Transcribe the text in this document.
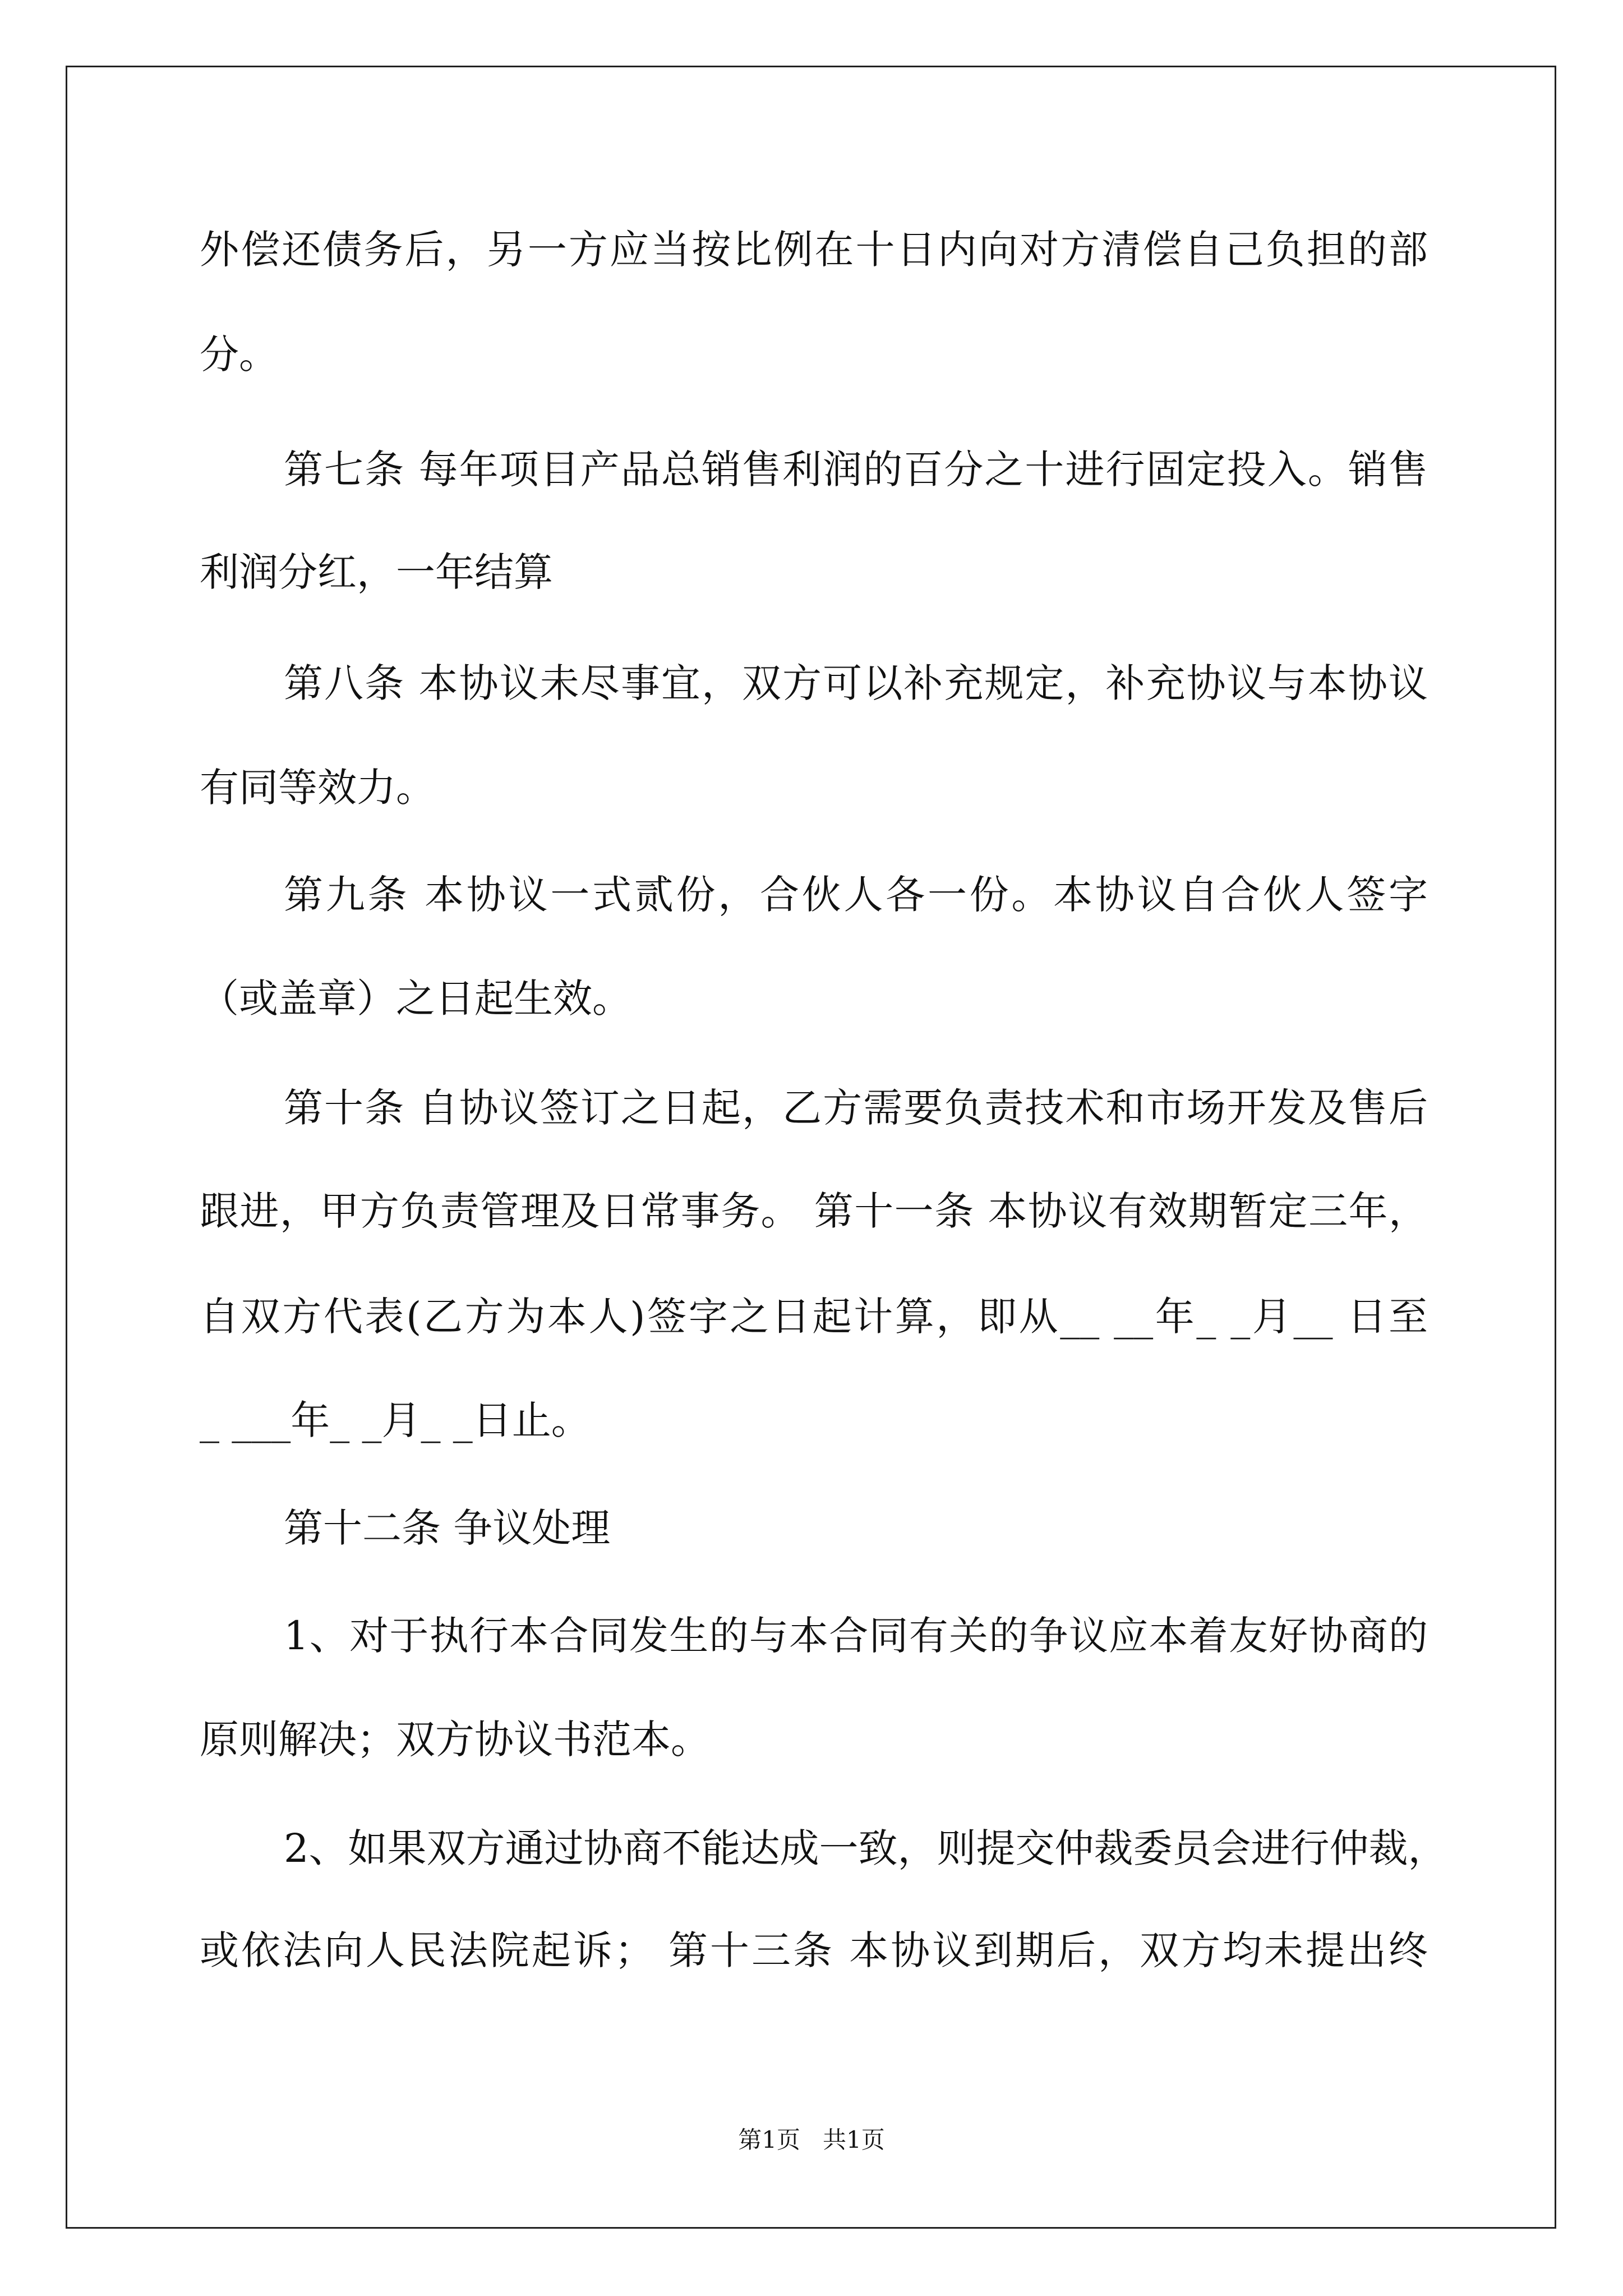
外偿还债务后，另一方应当按比例在十日内向对方清偿自己负担的部

分。

第七条 每年项目产品总销售利润的百分之十进行固定投入。销售

利润分红，一年结算

第八条 本协议未尽事宜，双方可以补充规定，补充协议与本协议

有同等效力。

第九条 本协议一式贰份，合伙人各一份。本协议自合伙人签字

（或盖章）之日起生效。

第十条 自协议签订之日起，乙方需要负责技术和市场开发及售后

跟进，甲方负责管理及日常事务。 第十一条 本协议有效期暂定三年，

自双方代表(乙方为本人)签字之日起计算，即从__ __年_ _月__ 日至

_ ___年_ _月_ _日止。

第十二条 争议处理

1、对于执行本合同发生的与本合同有关的争议应本着友好协商的

原则解决；双方协议书范本。

2、如果双方通过协商不能达成一致，则提交仲裁委员会进行仲裁，

或依法向人民法院起诉； 第十三条 本协议到期后，双方均未提出终

第1页   共1页
